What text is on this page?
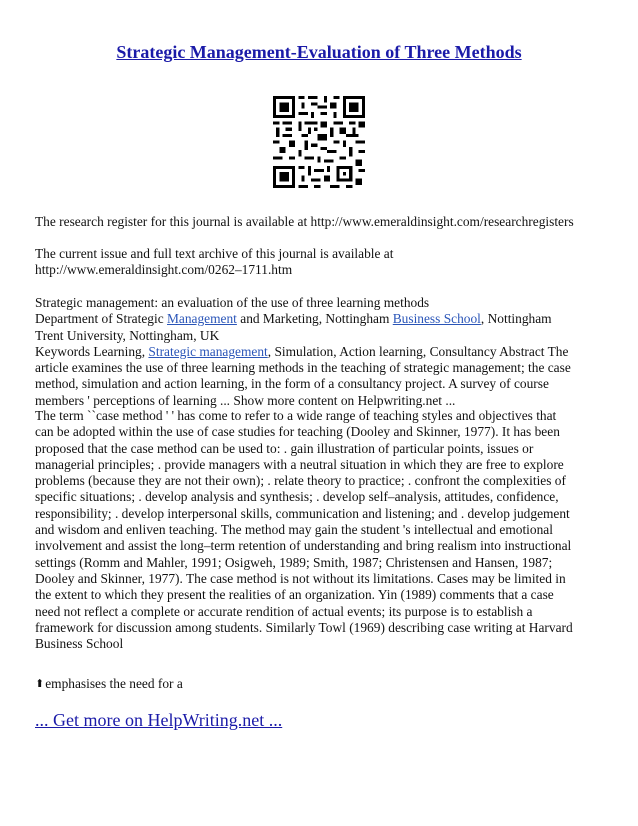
Strategic Management-Evaluation of Three Methods
The research register for this journal is available at http://www.emeraldinsight.com/researchregisters
The current issue and full text archive of this journal is available at
http://www.emeraldinsight.com/0262–1711.htm
Strategic management: an evaluation of the use of three learning methods
Department of Strategic Management and Marketing, Nottingham Business School, Nottingham
Trent University, Nottingham, UK
Keywords Learning, Strategic management, Simulation, Action learning, Consultancy Abstract The
article examines the use of three learning methods in the teaching of strategic management; the case
method, simulation and action learning, in the form of a consultancy project. A survey of course
members ' perceptions of learning ... Show more content on Helpwriting.net ...
The term ``case method ' ' has come to refer to a wide range of teaching styles and objectives that
can be adopted within the use of case studies for teaching (Dooley and Skinner, 1977). It has been
proposed that the case method can be used to: . gain illustration of particular points, issues or
managerial principles; . provide managers with a neutral situation in which they are free to explore
problems (because they are not their own); . relate theory to practice; . confront the complexities of
specific situations; . develop analysis and synthesis; . develop self–analysis, attitudes, confidence,
responsibility; . develop interpersonal skills, communication and listening; and . develop judgement
and wisdom and enliven teaching. The method may gain the student 's intellectual and emotional
involvement and assist the long–term retention of understanding and bring realism into instructional
settings (Romm and Mahler, 1991; Osigweh, 1989; Smith, 1987; Christensen and Hansen, 1987;
Dooley and Skinner, 1977). The case method is not without its limitations. Cases may be limited in
the extent to which they present the realities of an organization. Yin (1989) comments that a case
need not reflect a complete or accurate rendition of actual events; its purpose is to establish a
framework for discussion among students. Similarly Towl (1969) describing case writing at Harvard
Business School
⬆emphasises the need for a
... Get more on HelpWriting.net ...
